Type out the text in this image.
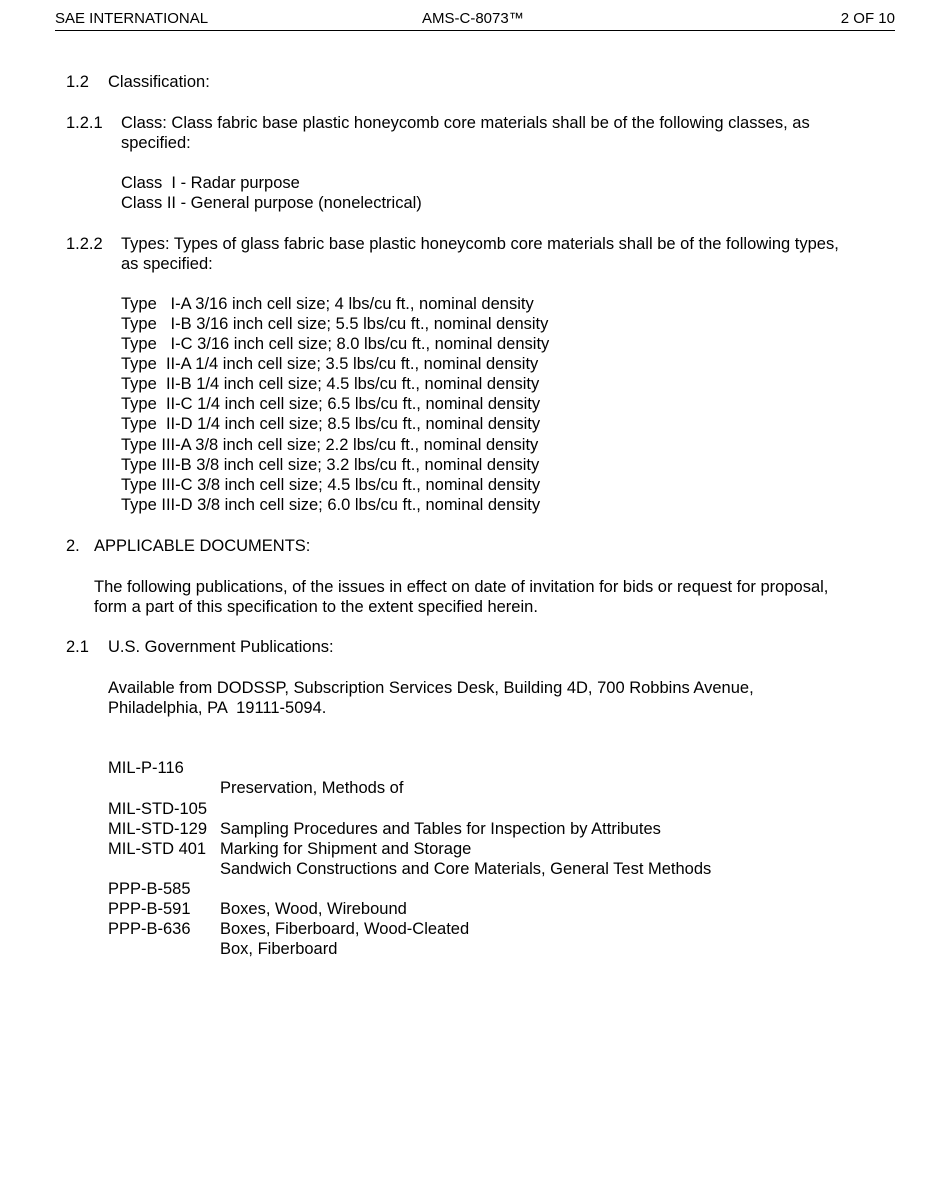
SAE INTERNATIONAL	AMS-C-8073™	2 OF 10
1.2 Classification:
1.2.1 Class: Class fabric base plastic honeycomb core materials shall be of the following classes, as
specified:
Class  I - Radar purpose
Class II - General purpose (nonelectrical)
1.2.2 Types: Types of glass fabric base plastic honeycomb core materials shall be of the following types,
as specified:
Type   I-A 3/16 inch cell size; 4 lbs/cu ft., nominal density
Type   I-B 3/16 inch cell size; 5.5 lbs/cu ft., nominal density
Type   I-C 3/16 inch cell size; 8.0 lbs/cu ft., nominal density
Type  II-A 1/4 inch cell size; 3.5 lbs/cu ft., nominal density
Type  II-B 1/4 inch cell size; 4.5 lbs/cu ft., nominal density
Type  II-C 1/4 inch cell size; 6.5 lbs/cu ft., nominal density
Type  II-D 1/4 inch cell size; 8.5 lbs/cu ft., nominal density
Type III-A 3/8 inch cell size; 2.2 lbs/cu ft., nominal density
Type III-B 3/8 inch cell size; 3.2 lbs/cu ft., nominal density
Type III-C 3/8 inch cell size; 4.5 lbs/cu ft., nominal density
Type III-D 3/8 inch cell size; 6.0 lbs/cu ft., nominal density
2. APPLICABLE DOCUMENTS:
The following publications, of the issues in effect on date of invitation for bids or request for proposal,
form a part of this specification to the extent specified herein.
2.1 U.S. Government Publications:
Available from DODSSP, Subscription Services Desk, Building 4D, 700 Robbins Avenue,
Philadelphia, PA  19111-5094.

MIL-P-116

Preservation, Methods of

MIL-STD-105

Sampling Procedures and Tables for Inspection by Attributes

MIL-STD-129

Marking for Shipment and Storage

MIL-STD 401

Sandwich Constructions and Core Materials, General Test Methods

PPP-B-585

Boxes, Wood, Wirebound

PPP-B-591

Boxes, Fiberboard, Wood-Cleated

PPP-B-636

Box, Fiberboard
